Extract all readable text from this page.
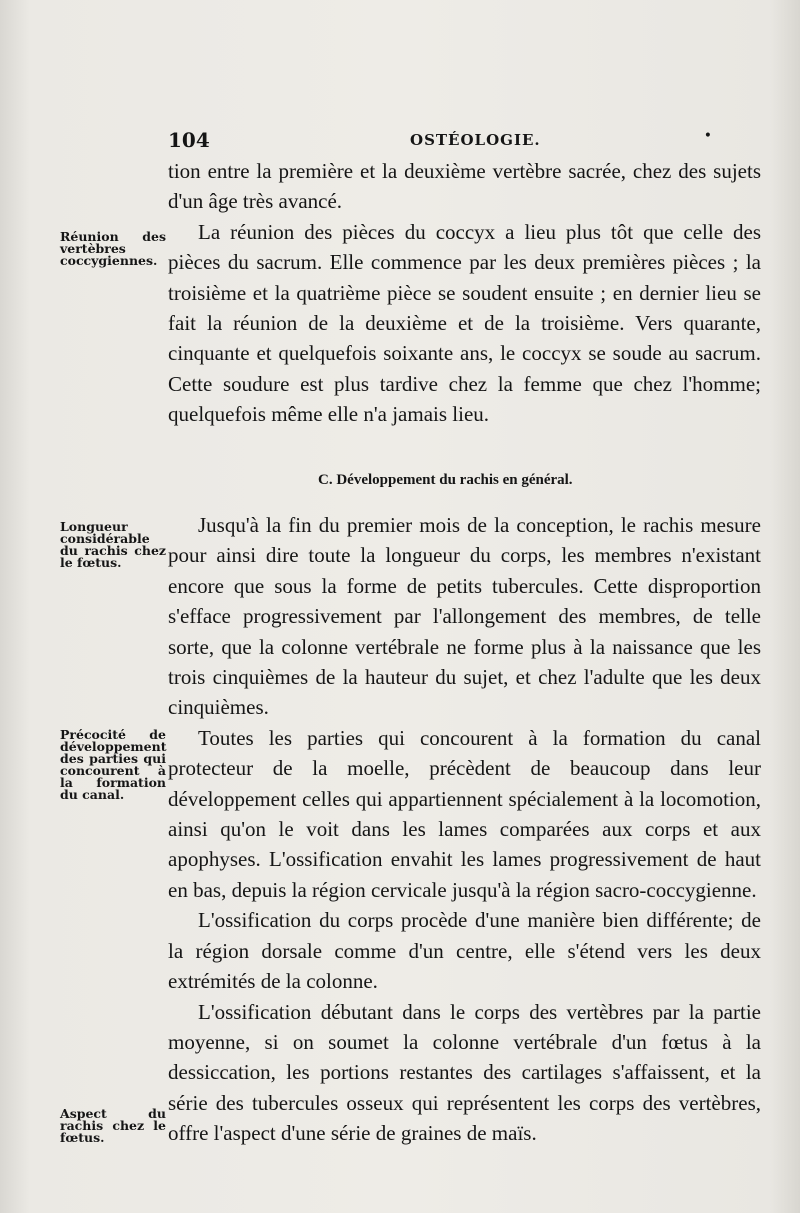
104	OSTÉOLOGIE.	•
Réunion des vertèbres coccygiennes.
Longueur considérable du rachis chez le fœtus.
Précocité de développement des parties qui concourent à la formation du canal.
Aspect du rachis chez le fœtus.

tion entre la première et la deuxième vertèbre sacrée, chez des sujets d'un âge très avancé.

La réunion des pièces du coccyx a lieu plus tôt que celle des pièces du sacrum. Elle commence par les deux premières pièces ; la troisième et la quatrième pièce se soudent ensuite ; en dernier lieu se fait la réunion de la deuxième et de la troisième. Vers quarante, cinquante et quelquefois soixante ans, le coccyx se soude au sacrum. Cette soudure est plus tardive chez la femme que chez l'homme; quelquefois même elle n'a jamais lieu.

C. Développement du rachis en général.

Jusqu'à la fin du premier mois de la conception, le rachis mesure pour ainsi dire toute la longueur du corps, les membres n'existant encore que sous la forme de petits tubercules. Cette disproportion s'efface progressivement par l'allongement des membres, de telle sorte, que la colonne vertébrale ne forme plus à la naissance que les trois cinquièmes de la hauteur du sujet, et chez l'adulte que les deux cinquièmes.

Toutes les parties qui concourent à la formation du canal protecteur de la moelle, précèdent de beaucoup dans leur développement celles qui appartiennent spécialement à la locomotion, ainsi qu'on le voit dans les lames comparées aux corps et aux apophyses. L'ossification envahit les lames progressivement de haut en bas, depuis la région cervicale jusqu'à la région sacro-coccygienne.

L'ossification du corps procède d'une manière bien différente; de la région dorsale comme d'un centre, elle s'étend vers les deux extrémités de la colonne.

L'ossification débutant dans le corps des vertèbres par la partie moyenne, si on soumet la colonne vertébrale d'un fœtus à la dessiccation, les portions restantes des cartilages s'affaissent, et la série des tubercules osseux qui représentent les corps des vertèbres, offre l'aspect d'une série de graines de maïs.
